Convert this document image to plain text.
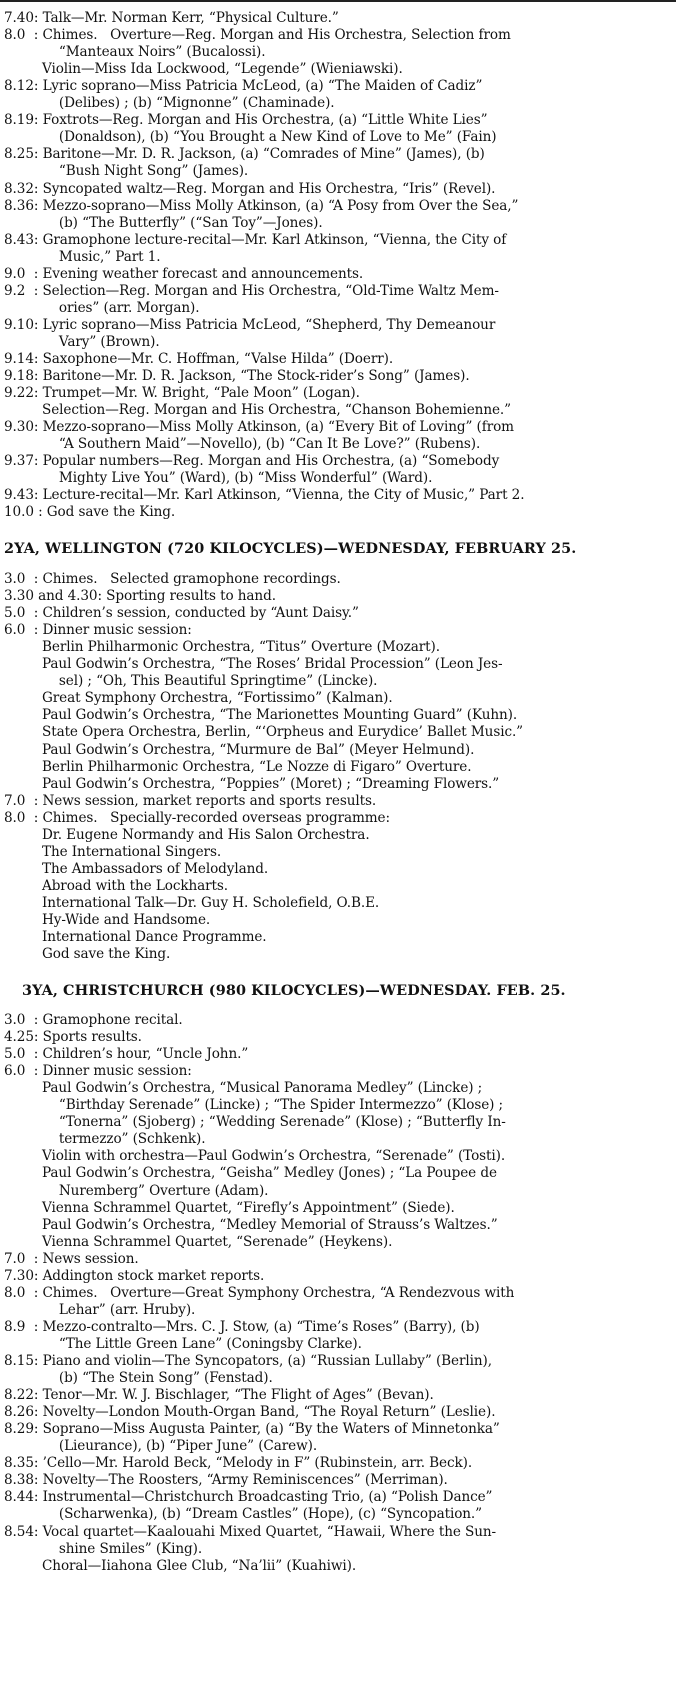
7.40: Talk—Mr. Norman Kerr, “Physical Culture.”
8.0  : Chimes.   Overture—Reg. Morgan and His Orchestra, Selection from
“Manteaux Noirs” (Bucalossi).
Violin—Miss Ida Lockwood, “Legende” (Wieniawski).
8.12: Lyric soprano—Miss Patricia McLeod, (a) “The Maiden of Cadiz”
(Delibes) ; (b) “Mignonne” (Chaminade).
8.19: Foxtrots—Reg. Morgan and His Orchestra, (a) “Little White Lies”
(Donaldson), (b) “You Brought a New Kind of Love to Me” (Fain)
8.25: Baritone—Mr. D. R. Jackson, (a) “Comrades of Mine” (James), (b)
“Bush Night Song” (James).
8.32: Syncopated waltz—Reg. Morgan and His Orchestra, “Iris” (Revel).
8.36: Mezzo-soprano—Miss Molly Atkinson, (a) “A Posy from Over the Sea,”
(b) “The Butterfly” (“San Toy”—Jones).
8.43: Gramophone lecture-recital—Mr. Karl Atkinson, “Vienna, the City of
Music,” Part 1.
9.0  : Evening weather forecast and announcements.
9.2  : Selection—Reg. Morgan and His Orchestra, “Old-Time Waltz Mem-
ories” (arr. Morgan).
9.10: Lyric soprano—Miss Patricia McLeod, “Shepherd, Thy Demeanour
Vary” (Brown).
9.14: Saxophone—Mr. C. Hoffman, “Valse Hilda” (Doerr).
9.18: Baritone—Mr. D. R. Jackson, “The Stock-rider’s Song” (James).
9.22: Trumpet—Mr. W. Bright, “Pale Moon” (Logan).
Selection—Reg. Morgan and His Orchestra, “Chanson Bohemienne.”
9.30: Mezzo-soprano—Miss Molly Atkinson, (a) “Every Bit of Loving” (from
“A Southern Maid”—Novello), (b) “Can It Be Love?” (Rubens).
9.37: Popular numbers—Reg. Morgan and His Orchestra, (a) “Somebody
Mighty Live You” (Ward), (b) “Miss Wonderful” (Ward).
9.43: Lecture-recital—Mr. Karl Atkinson, “Vienna, the City of Music,” Part 2.
10.0 : God save the King.
2YA, WELLINGTON (720 KILOCYCLES)—WEDNESDAY, FEBRUARY 25.
3.0  : Chimes.   Selected gramophone recordings.
3.30 and 4.30: Sporting results to hand.
5.0  : Children’s session, conducted by “Aunt Daisy.”
6.0  : Dinner music session:
Berlin Philharmonic Orchestra, “Titus” Overture (Mozart).
Paul Godwin’s Orchestra, “The Roses’ Bridal Procession” (Leon Jes-
sel) ; “Oh, This Beautiful Springtime” (Lincke).
Great Symphony Orchestra, “Fortissimo” (Kalman).
Paul Godwin’s Orchestra, “The Marionettes Mounting Guard” (Kuhn).
State Opera Orchestra, Berlin, “‘Orpheus and Eurydice’ Ballet Music.”
Paul Godwin’s Orchestra, “Murmure de Bal” (Meyer Helmund).
Berlin Philharmonic Orchestra, “Le Nozze di Figaro” Overture.
Paul Godwin’s Orchestra, “Poppies” (Moret) ; “Dreaming Flowers.”
7.0  : News session, market reports and sports results.
8.0  : Chimes.   Specially-recorded overseas programme:
Dr. Eugene Normandy and His Salon Orchestra.
The International Singers.
The Ambassadors of Melodyland.
Abroad with the Lockharts.
International Talk—Dr. Guy H. Scholefield, O.B.E.
Hy-Wide and Handsome.
International Dance Programme.
God save the King.
3YA, CHRISTCHURCH (980 KILOCYCLES)—WEDNESDAY. FEB. 25.
3.0  : Gramophone recital.
4.25: Sports results.
5.0  : Children’s hour, “Uncle John.”
6.0  : Dinner music session:
Paul Godwin’s Orchestra, “Musical Panorama Medley” (Lincke) ;
“Birthday Serenade” (Lincke) ; “The Spider Intermezzo” (Klose) ;
“Tonerna” (Sjoberg) ; “Wedding Serenade” (Klose) ; “Butterfly In-
termezzo” (Schkenk).
Violin with orchestra—Paul Godwin’s Orchestra, “Serenade” (Tosti).
Paul Godwin’s Orchestra, “Geisha” Medley (Jones) ; “La Poupee de
Nuremberg” Overture (Adam).
Vienna Schrammel Quartet, “Firefly’s Appointment” (Siede).
Paul Godwin’s Orchestra, “Medley Memorial of Strauss’s Waltzes.”
Vienna Schrammel Quartet, “Serenade” (Heykens).
7.0  : News session.
7.30: Addington stock market reports.
8.0  : Chimes.   Overture—Great Symphony Orchestra, “A Rendezvous with
Lehar” (arr. Hruby).
8.9  : Mezzo-contralto—Mrs. C. J. Stow, (a) “Time’s Roses” (Barry), (b)
“The Little Green Lane” (Coningsby Clarke).
8.15: Piano and violin—The Syncopators, (a) “Russian Lullaby” (Berlin),
(b) “The Stein Song” (Fenstad).
8.22: Tenor—Mr. W. J. Bischlager, “The Flight of Ages” (Bevan).
8.26: Novelty—London Mouth-Organ Band, “The Royal Return” (Leslie).
8.29: Soprano—Miss Augusta Painter, (a) “By the Waters of Minnetonka”
(Lieurance), (b) “Piper June” (Carew).
8.35: ’Cello—Mr. Harold Beck, “Melody in F” (Rubinstein, arr. Beck).
8.38: Novelty—The Roosters, “Army Reminiscences” (Merriman).
8.44: Instrumental—Christchurch Broadcasting Trio, (a) “Polish Dance”
(Scharwenka), (b) “Dream Castles” (Hope), (c) “Syncopation.”
8.54: Vocal quartet—Kaalouahi Mixed Quartet, “Hawaii, Where the Sun-
shine Smiles” (King).
Choral—Iiahona Glee Club, “Na’lii” (Kuahiwi).
